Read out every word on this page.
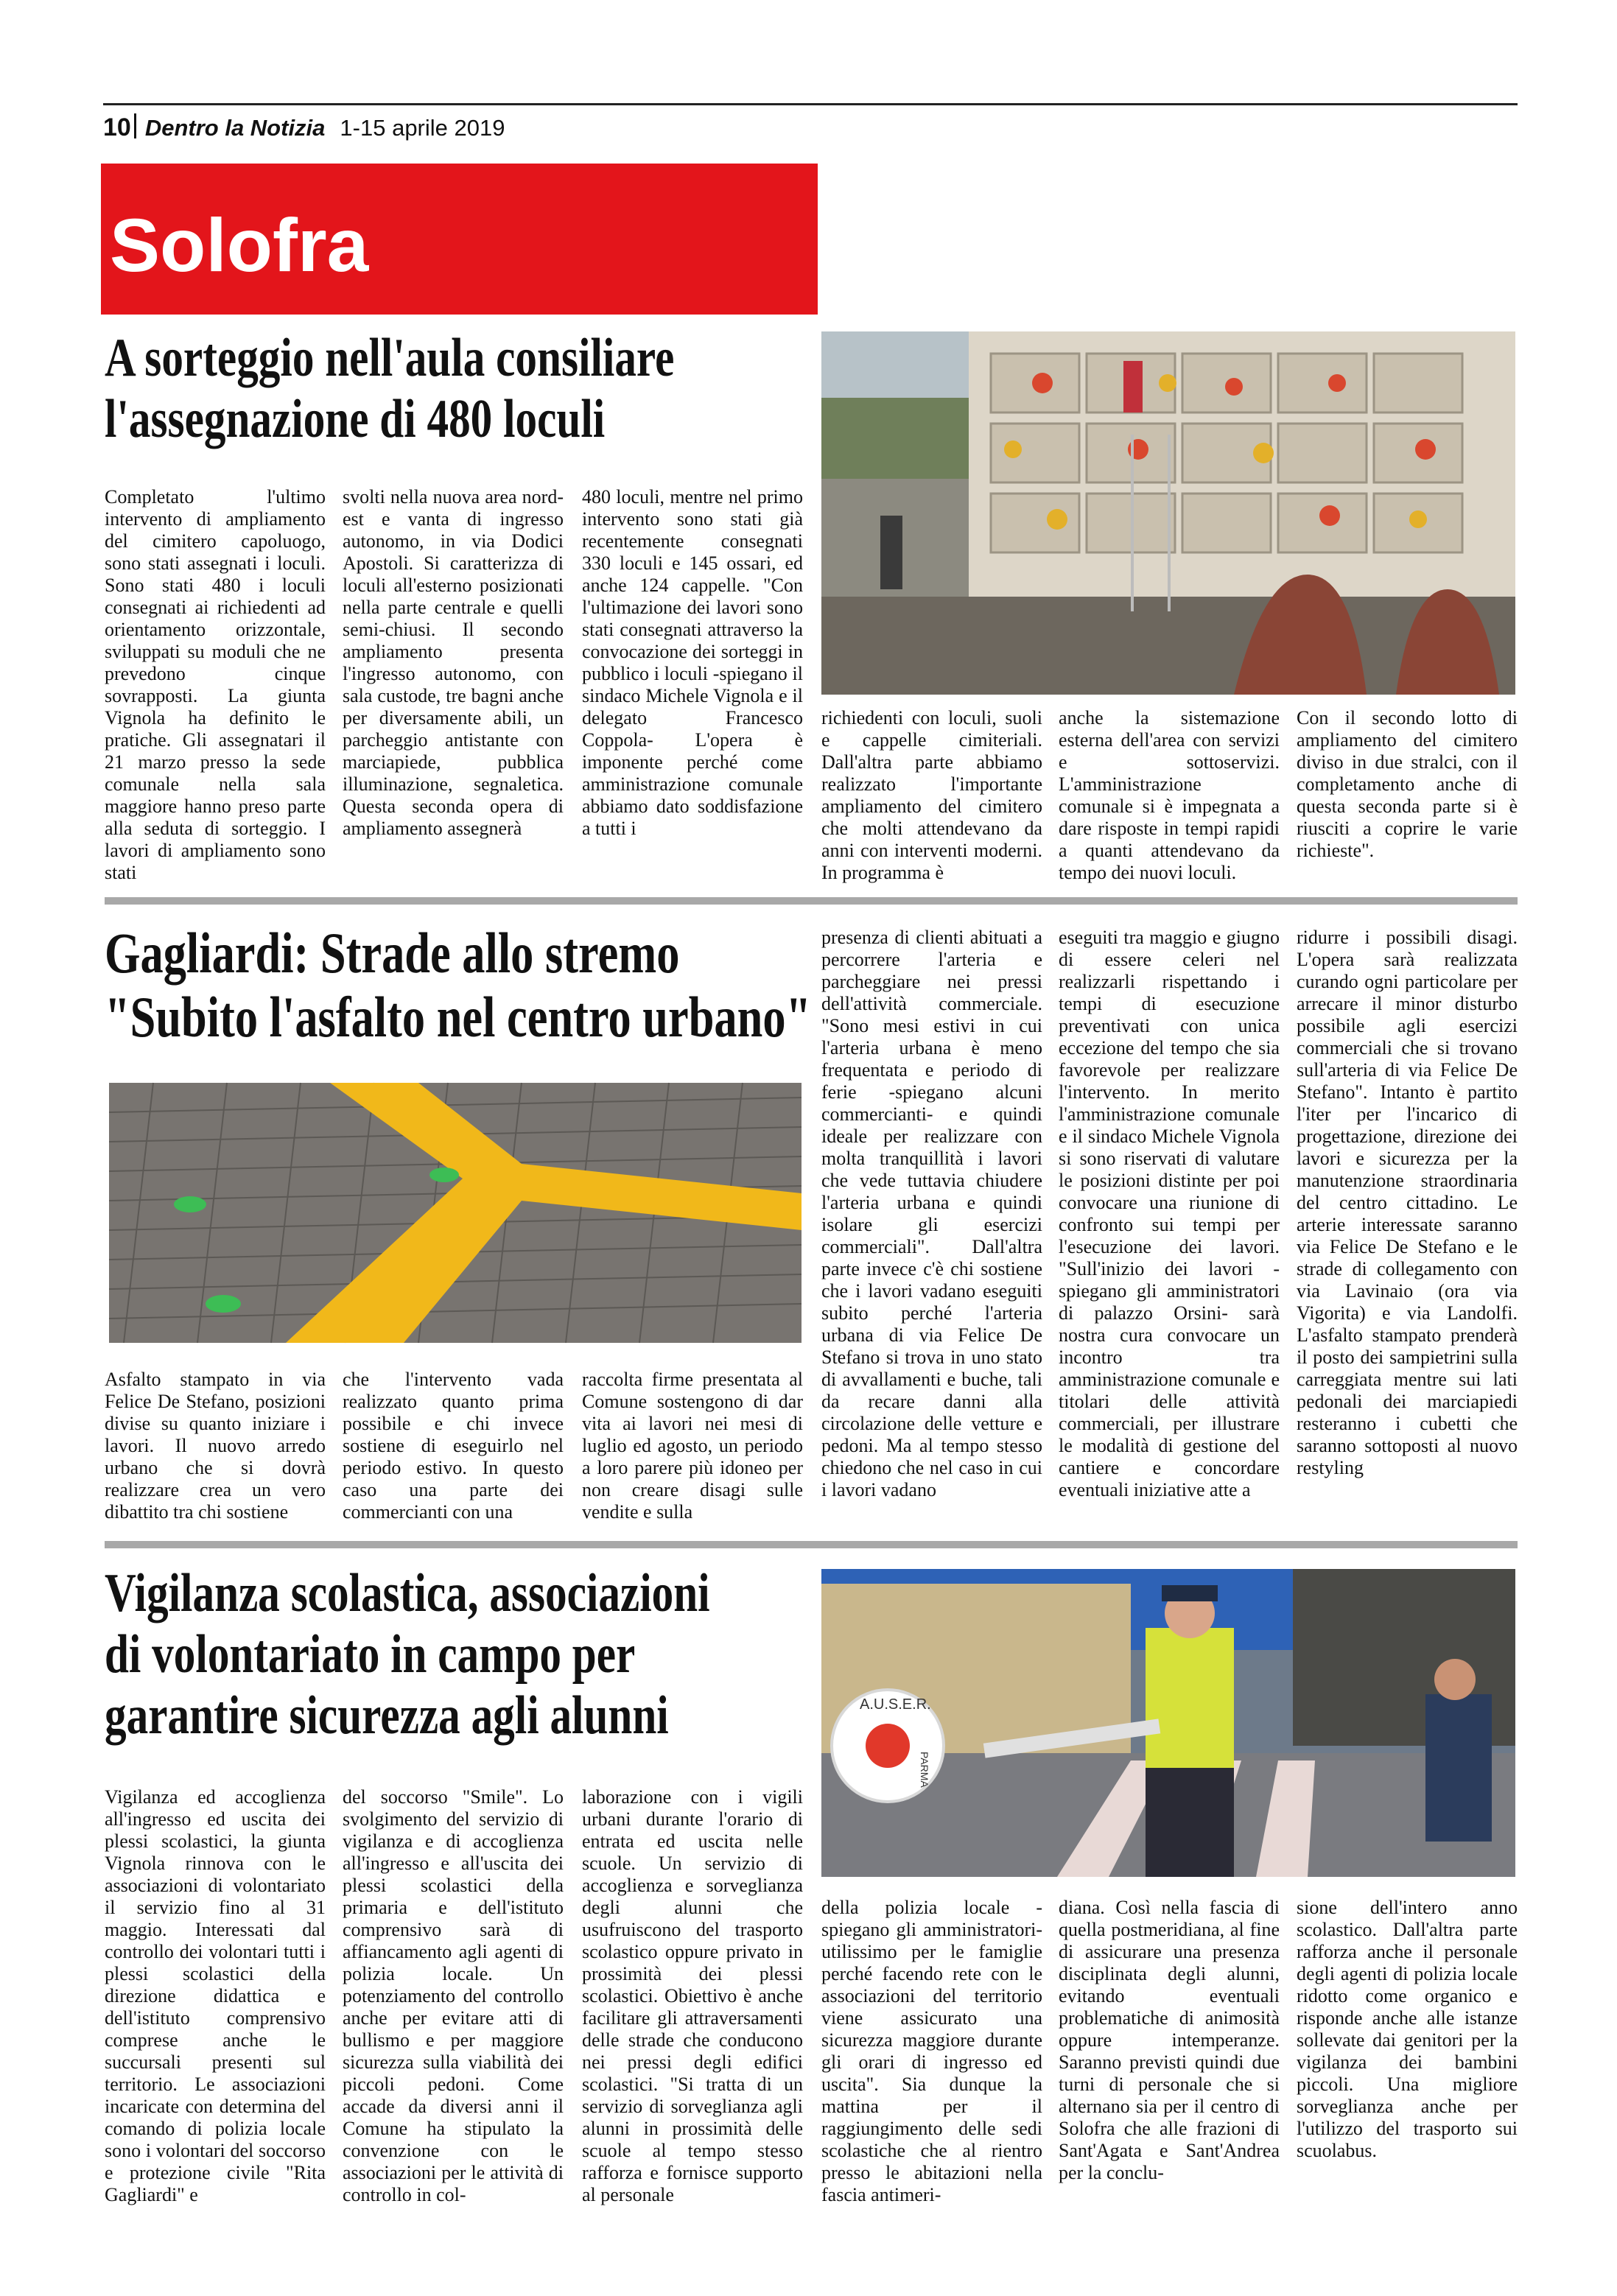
10 Dentro la Notizia 1-15 aprile 2019
Solofra
A sorteggio nell'aula consiliare
l'assegnazione di 480 loculi

Completato l'ultimo intervento di ampliamento del cimitero capoluogo, sono stati assegnati i loculi. Sono stati 480 i loculi consegnati ai richiedenti ad orientamento orizzontale, sviluppati su moduli che ne prevedono cinque sovrapposti. La giunta Vignola ha definito le pratiche. Gli assegnatari il 21 marzo presso la sede comunale nella sala maggiore hanno preso parte alla seduta di sorteggio. I lavori di ampliamento sono stati

svolti nella nuova area nord-est e vanta di ingresso autonomo, in via Dodici Apostoli. Si caratterizza di loculi all'esterno posizionati nella parte centrale e quelli semi-chiusi. Il secondo ampliamento presenta l'ingresso autonomo, con sala custode, tre bagni anche per diversamente abili, un parcheggio antistante con marciapiede, pubblica illuminazione, segnaletica. Questa seconda opera di ampliamento assegnerà

480 loculi, mentre nel primo intervento sono stati già recentemente consegnati 330 loculi e 145 ossari, ed anche 124 cappelle. "Con l'ultimazione dei lavori sono stati consegnati attraverso la convocazione dei sorteggi in pubblico i loculi -spiegano il sindaco Michele Vignola e il delegato Francesco Coppola- L'opera è imponente perché come amministrazione comunale abbiamo dato soddisfazione a tutti i

richiedenti con loculi, suoli e cappelle cimiteriali. Dall'altra parte abbiamo realizzato l'importante ampliamento del cimitero che molti attendevano da anni con interventi moderni. In programma è

anche la sistemazione esterna dell'area con servizi e sottoservizi. L'amministrazione comunale si è impegnata a dare risposte in tempi rapidi a quanti attendevano da tempo dei nuovi loculi.

Con il secondo lotto di ampliamento del cimitero diviso in due stralci, con il completamento anche di questa seconda parte si è riusciti a coprire le varie richieste".

Gagliardi: Strade allo stremo
"Subito l'asfalto nel centro urbano"

Asfalto stampato in via Felice De Stefano, posizioni divise su quanto iniziare i lavori. Il nuovo arredo urbano che si dovrà realizzare crea un vero dibattito tra chi sostiene

che l'intervento vada realizzato quanto prima possibile e chi invece sostiene di eseguirlo nel periodo estivo. In questo caso una parte dei commercianti con una

raccolta firme presentata al Comune sostengono di dar vita ai lavori nei mesi di luglio ed agosto, un periodo a loro parere più idoneo per non creare disagi sulle vendite e sulla

presenza di clienti abituati a percorrere l'arteria e parcheggiare nei pressi dell'attività commerciale. "Sono mesi estivi in cui l'arteria urbana è meno frequentata e periodo di ferie -spiegano alcuni commercianti- e quindi ideale per realizzare con molta tranquillità i lavori che vede tuttavia chiudere l'arteria urbana e quindi isolare gli esercizi commerciali". Dall'altra parte invece c'è chi sostiene che i lavori vadano eseguiti subito perché l'arteria urbana di via Felice De Stefano si trova in uno stato di avvallamenti e buche, tali da recare danni alla circolazione delle vetture e pedoni. Ma al tempo stesso chiedono che nel caso in cui i lavori vadano

eseguiti tra maggio e giugno di essere celeri nel realizzarli rispettando i tempi di esecuzione preventivati con unica eccezione del tempo che sia favorevole per realizzare l'intervento. In merito l'amministrazione comunale e il sindaco Michele Vignola si sono riservati di valutare le posizioni distinte per poi convocare una riunione di confronto sui tempi per l'esecuzione dei lavori. "Sull'inizio dei lavori -spiegano gli amministratori di palazzo Orsini- sarà nostra cura convocare un incontro tra amministrazione comunale e titolari delle attività commerciali, per illustrare le modalità di gestione del cantiere e concordare eventuali iniziative atte a

ridurre i possibili disagi. L'opera sarà realizzata curando ogni particolare per arrecare il minor disturbo possibile agli esercizi commerciali che si trovano sull'arteria di via Felice De Stefano". Intanto è partito l'iter per l'incarico di progettazione, direzione dei lavori e sicurezza per la manutenzione straordinaria del centro cittadino. Le arterie interessate saranno via Felice De Stefano e le strade di collegamento con via Lavinaio (ora via Vigorita) e via Landolfi. L'asfalto stampato prenderà il posto dei sampietrini sulla carreggiata mentre sui lati pedonali dei marciapiedi resteranno i cubetti che saranno sottoposti al nuovo restyling

Vigilanza scolastica, associazioni
di volontariato in campo per
garantire sicurezza agli alunni	A.U.S.E.R.
PARMA

Vigilanza ed accoglienza all'ingresso ed uscita dei plessi scolastici, la giunta Vignola rinnova con le associazioni di volontariato il servizio fino al 31 maggio. Interessati dal controllo dei volontari tutti i plessi scolastici della direzione didattica e dell'istituto comprensivo comprese anche le succursali presenti sul territorio. Le associazioni incaricate con determina del comando di polizia locale sono i volontari del soccorso e protezione civile "Rita Gagliardi" e

del soccorso "Smile". Lo svolgimento del servizio di vigilanza e di accoglienza all'ingresso e all'uscita dei plessi scolastici della primaria e dell'istituto comprensivo sarà di affiancamento agli agenti di polizia locale. Un potenziamento del controllo anche per evitare atti di bullismo e per maggiore sicurezza sulla viabilità dei piccoli pedoni. Come accade da diversi anni il Comune ha stipulato la convenzione con le associazioni per le attività di controllo in col-

laborazione con i vigili urbani durante l'orario di entrata ed uscita nelle scuole. Un servizio di accoglienza e sorveglianza degli alunni che usufruiscono del trasporto scolastico oppure privato in prossimità dei plessi scolastici. Obiettivo è anche facilitare gli attraversamenti delle strade che conducono nei pressi degli edifici scolastici. "Si tratta di un servizio di sorveglianza agli alunni in prossimità delle scuole al tempo stesso rafforza e fornisce supporto al personale

della polizia locale -spiegano gli amministratori- utilissimo per le famiglie perché facendo rete con le associazioni del territorio viene assicurato una sicurezza maggiore durante gli orari di ingresso ed uscita". Sia dunque la mattina per il raggiungimento delle sedi scolastiche che al rientro presso le abitazioni nella fascia antimeri-

diana. Così nella fascia di quella postmeridiana, al fine di assicurare una presenza disciplinata degli alunni, evitando eventuali problematiche di animosità oppure intemperanze. Saranno previsti quindi due turni di personale che si alternano sia per il centro di Solofra che alle frazioni di Sant'Agata e Sant'Andrea per la conclu-

sione dell'intero anno scolastico. Dall'altra parte rafforza anche il personale degli agenti di polizia locale ridotto come organico e risponde anche alle istanze sollevate dai genitori per la vigilanza dei bambini piccoli. Una migliore sorveglianza anche per l'utilizzo del trasporto sui scuolabus.
